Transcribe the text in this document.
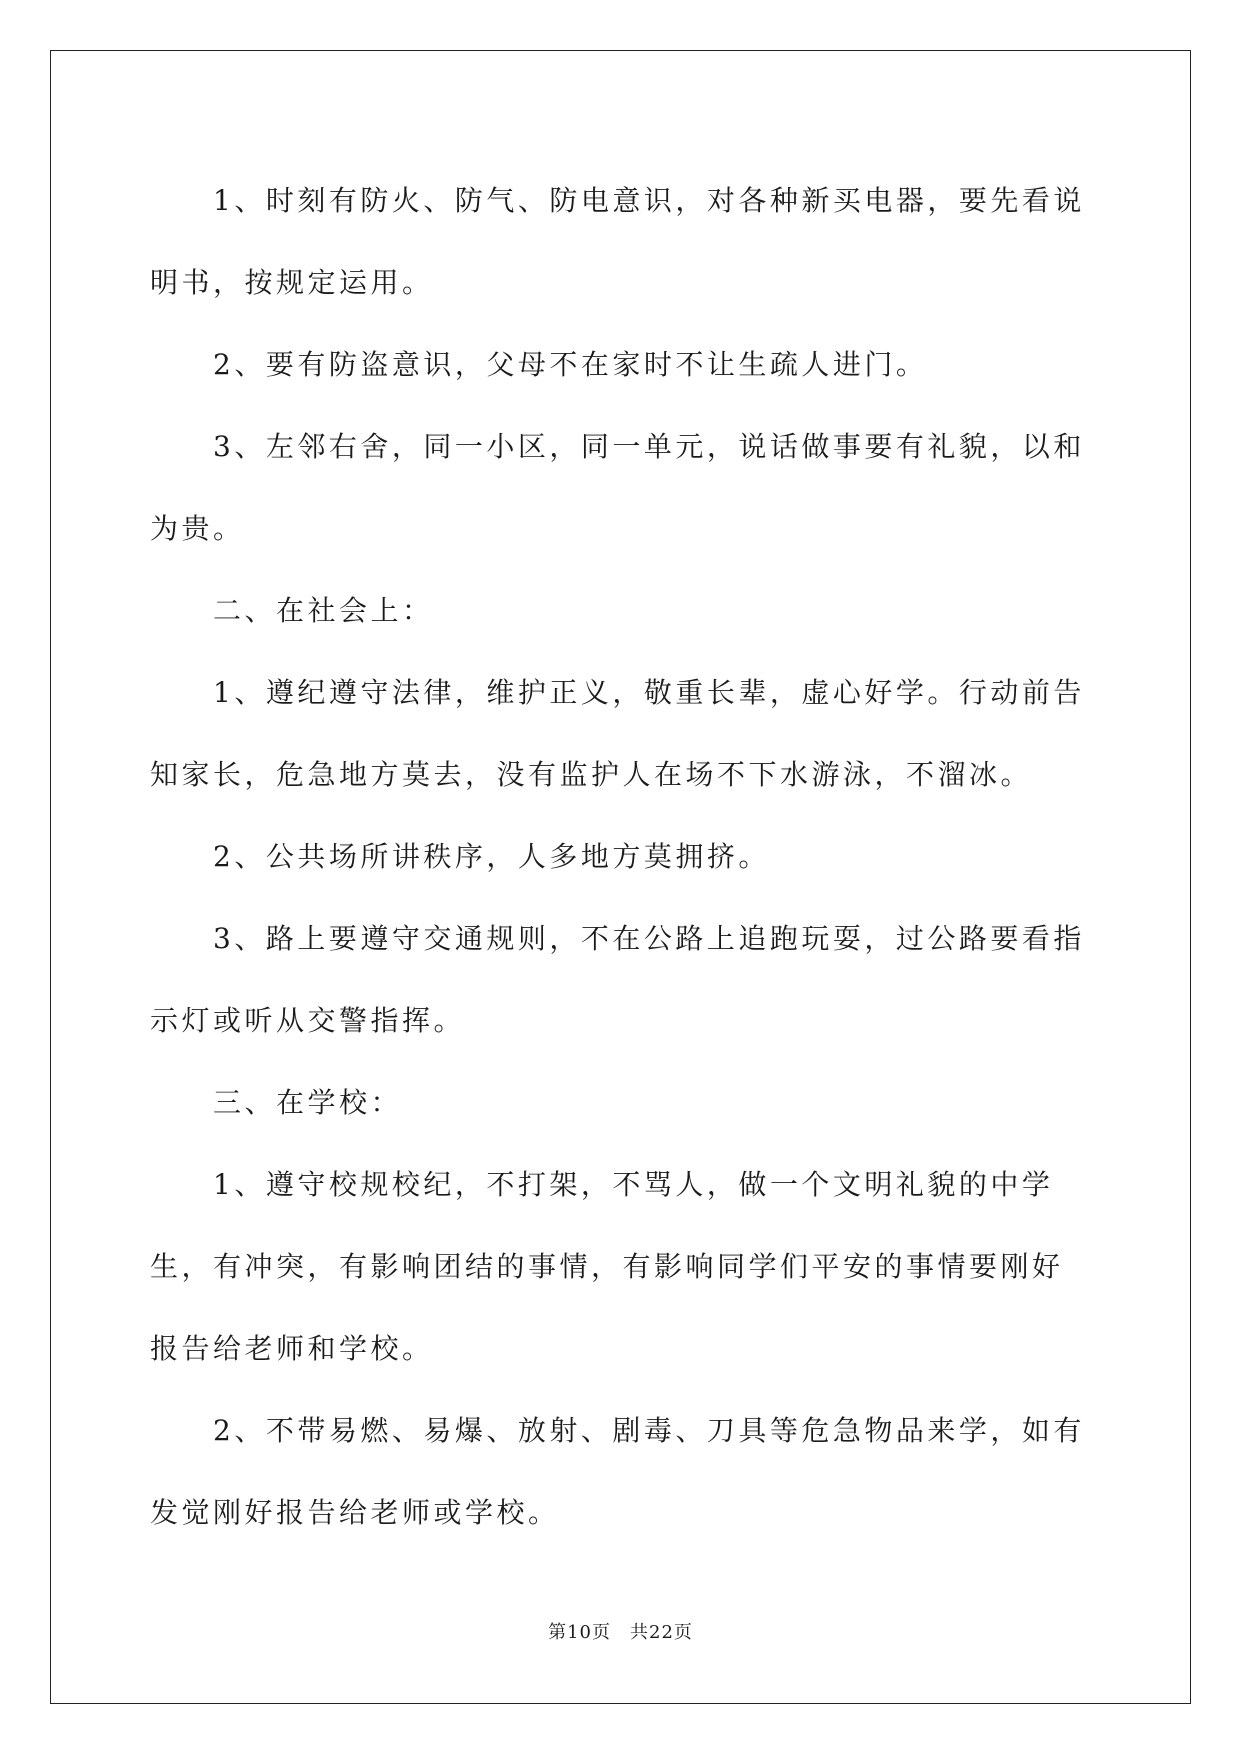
1、时刻有防火、防气、防电意识，对各种新买电器，要先看说明书，按规定运用。

2、要有防盗意识，父母不在家时不让生疏人进门。

3、左邻右舍，同一小区，同一单元，说话做事要有礼貌，以和为贵。

二、在社会上：

1、遵纪遵守法律，维护正义，敬重长辈，虚心好学。行动前告知家长，危急地方莫去，没有监护人在场不下水游泳，不溜冰。

2、公共场所讲秩序，人多地方莫拥挤。

3、路上要遵守交通规则，不在公路上追跑玩耍，过公路要看指示灯或听从交警指挥。

三、在学校：

1、遵守校规校纪，不打架，不骂人，做一个文明礼貌的中学生，有冲突，有影响团结的事情，有影响同学们平安的事情要刚好报告给老师和学校。

2、不带易燃、易爆、放射、剧毒、刀具等危急物品来学，如有发觉刚好报告给老师或学校。

第10页　共22页
